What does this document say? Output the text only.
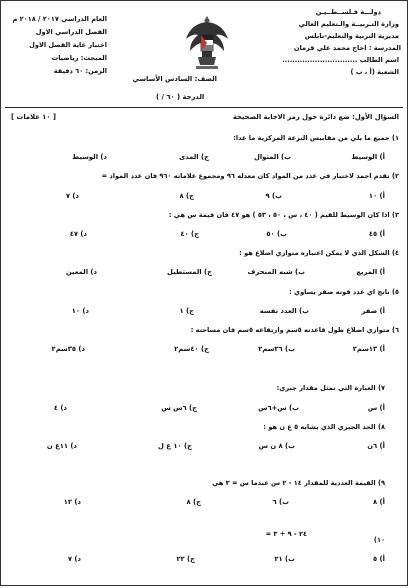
دولـــة فـلســطــيـن
وزارة التـربيــة والـتعليم العالي
مديرية التربية والتعليم-نابلس
المدرسة : اخاج محمد علي قرمان
اسم الطالب ..............................
الشعبة (أ ، ب )
العام الدراسي ٢٠١٧ / ٢٠١٨ م
الفصل الدراسي الاول
اختبار غاية الفصل الاول
المبحث: رياضيات
الزمن: ٦٠ دقيقة
الصف: السادس الأساسي
الدرجة ( ٦٠ / )
السؤال الأول: ضع دائرة حول رمز الاجابة الصحيحة
[ ١٠ علامات ]
١) جميع ما يلي من مقاييس النزعة المركزية ما عدا:
أ) الوسيط
ب) المتوال
ج) المدى
د) الوسيط
٢) تقدم احمد لاختبار في عدد من المواد كان معدله ٩٦ ومجموع علاماته ٩٦٠ فان عدد المواد =
أ) ١٠
ب) ٩
ج) ٨
د) ٧
٣) اذا كان الوسيط للقيم ( ٤٠ ، س ، ٥٠ ، ٥٣ ) هو ٤٧ فان قيمة س هي :
أ) ٤٥
ب) ٥٠
ج) ٤٠
د) ٤٧
٤) الشكل الذي لا يمكن اعتباره متوازي اضلاع هو :
أ) المربع
ب) شبه المنحرف
ج) المستطيل
د) المعين
٥) ناتج اي عدد قوته صفر يساوي :
أ) صفر
ب) العدد نفسه
ج) ١
د) ١٠
٦) متوازي اضلاع طول قاعدته ٥سم وارتفاعه ٥سم فان مساحته :
أ) ١٣سم٢
ب) ٢٦سم٢
ج) ٤٠سم٢
د) ٣٥سم٢
٧) العبارة التي تمثل مقدار جبري:
أ) س
ب) س+٦س
ج) ٦س س
د) ٤
٨) الحد الجبري الذي يشابه ٥ ع ن هو :
أ) ٦ن
ب) ٨ ن س
ج) ١٠ ع ل
د) ١١ع ن
٩) القيمة العددية للمقدار ١٤ - ٢ س عندما س = ٣ هي
أ) ٨
ب) ٦
ج) ٨
د) ١٢
١٠)
٢٤ - ٩ ÷ ٣ =
أ) ٥
ب) ٢١
ج) ٢٢
د) ٧
